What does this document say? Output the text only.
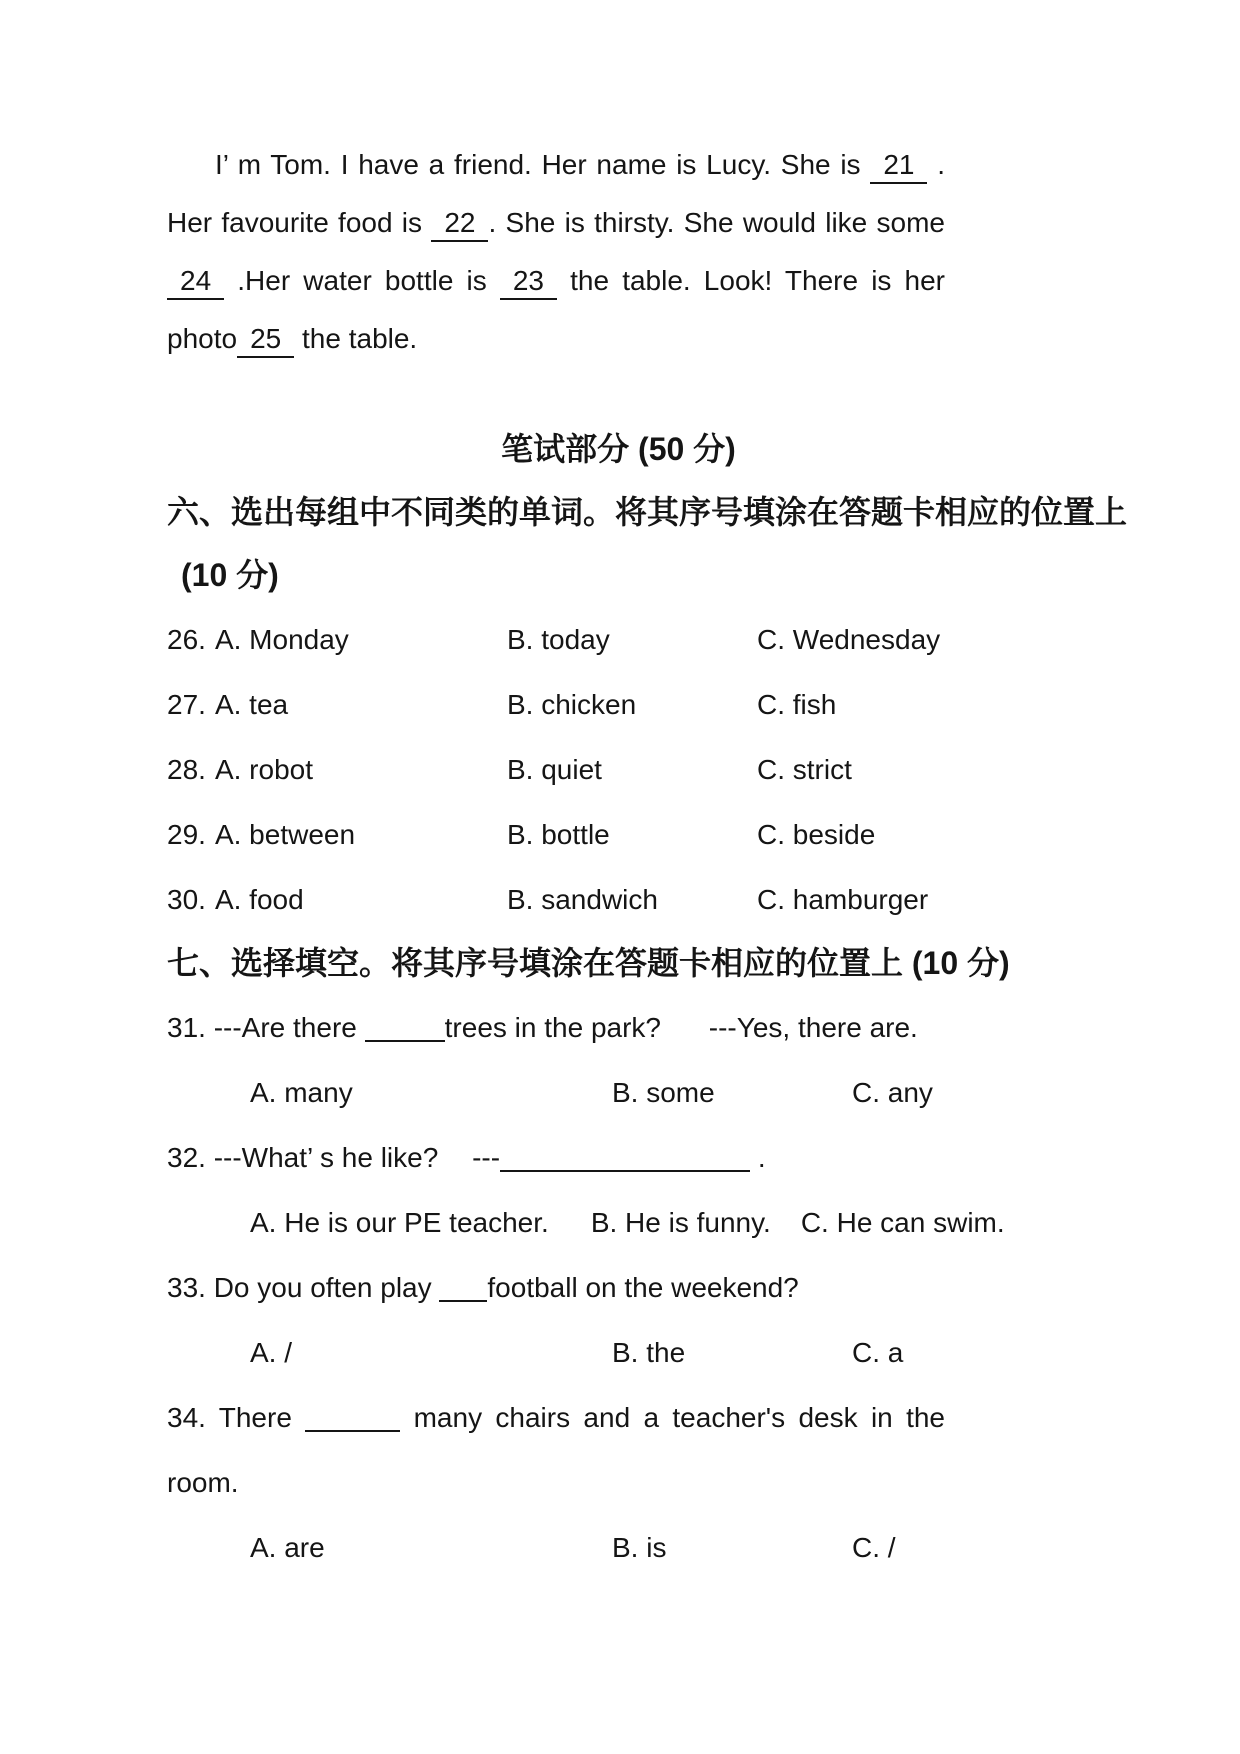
I’ m Tom. I have a friend. Her name is Lucy. She is 21 .

Her favourite food is 22 . She is thirsty. She would like some

24 .Her water bottle is 23 the table. Look! There is her

photo 25 the table.

笔试部分 (50 分)
六、选出每组中不同类的单词。将其序号填涂在答题卡相应的位置上

(10 分)

26. A. Monday	B. today	C. Wednesday
27. A. tea	B. chicken	C. fish
28. A. robot	B. quiet	C. strict
29. A. between	B. bottle	C. beside
30. A. food	B. sandwich	C. hamburger
七、选择填空。将其序号填涂在答题卡相应的位置上 (10 分)

31. ---Are there	trees in the park? ---Yes, there are.

A. many	B. some	C. any

32. ---What’ s he like? ---	.

A. He is our PE teacher. B. He is funny. C. He can swim.

33. Do you often play football on the weekend?

A. /	B. the	C. a

34. There	many chairs and a teacher's desk in the

room.

A. are	B. is	C. /
